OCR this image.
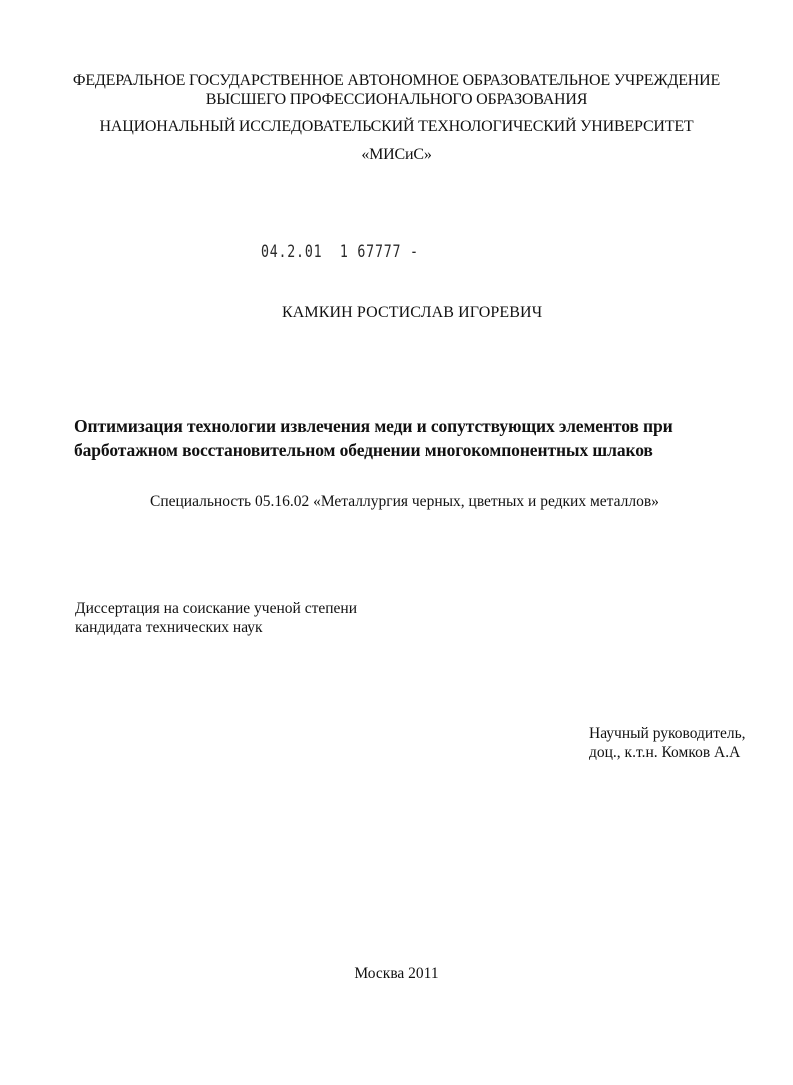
ФЕДЕРАЛЬНОЕ ГОСУДАРСТВЕННОЕ АВТОНОМНОЕ ОБРАЗОВАТЕЛЬНОЕ УЧРЕЖДЕНИЕ
ВЫСШЕГО ПРОФЕССИОНАЛЬНОГО ОБРАЗОВАНИЯ
НАЦИОНАЛЬНЫЙ ИССЛЕДОВАТЕЛЬСКИЙ ТЕХНОЛОГИЧЕСКИЙ УНИВЕРСИТЕТ
«МИСиС»
04.2.01 1 67777 -
КАМКИН РОСТИСЛАВ ИГОРЕВИЧ
Оптимизация технологии извлечения меди и сопутствующих элементов при
барботажном восстановительном обеднении многокомпонентных шлаков
Специальность 05.16.02 «Металлургия черных, цветных и редких металлов»
Диссертация на соискание ученой степени
кандидата технических наук
Научный руководитель,
доц., к.т.н. Комков А.А
Москва 2011
